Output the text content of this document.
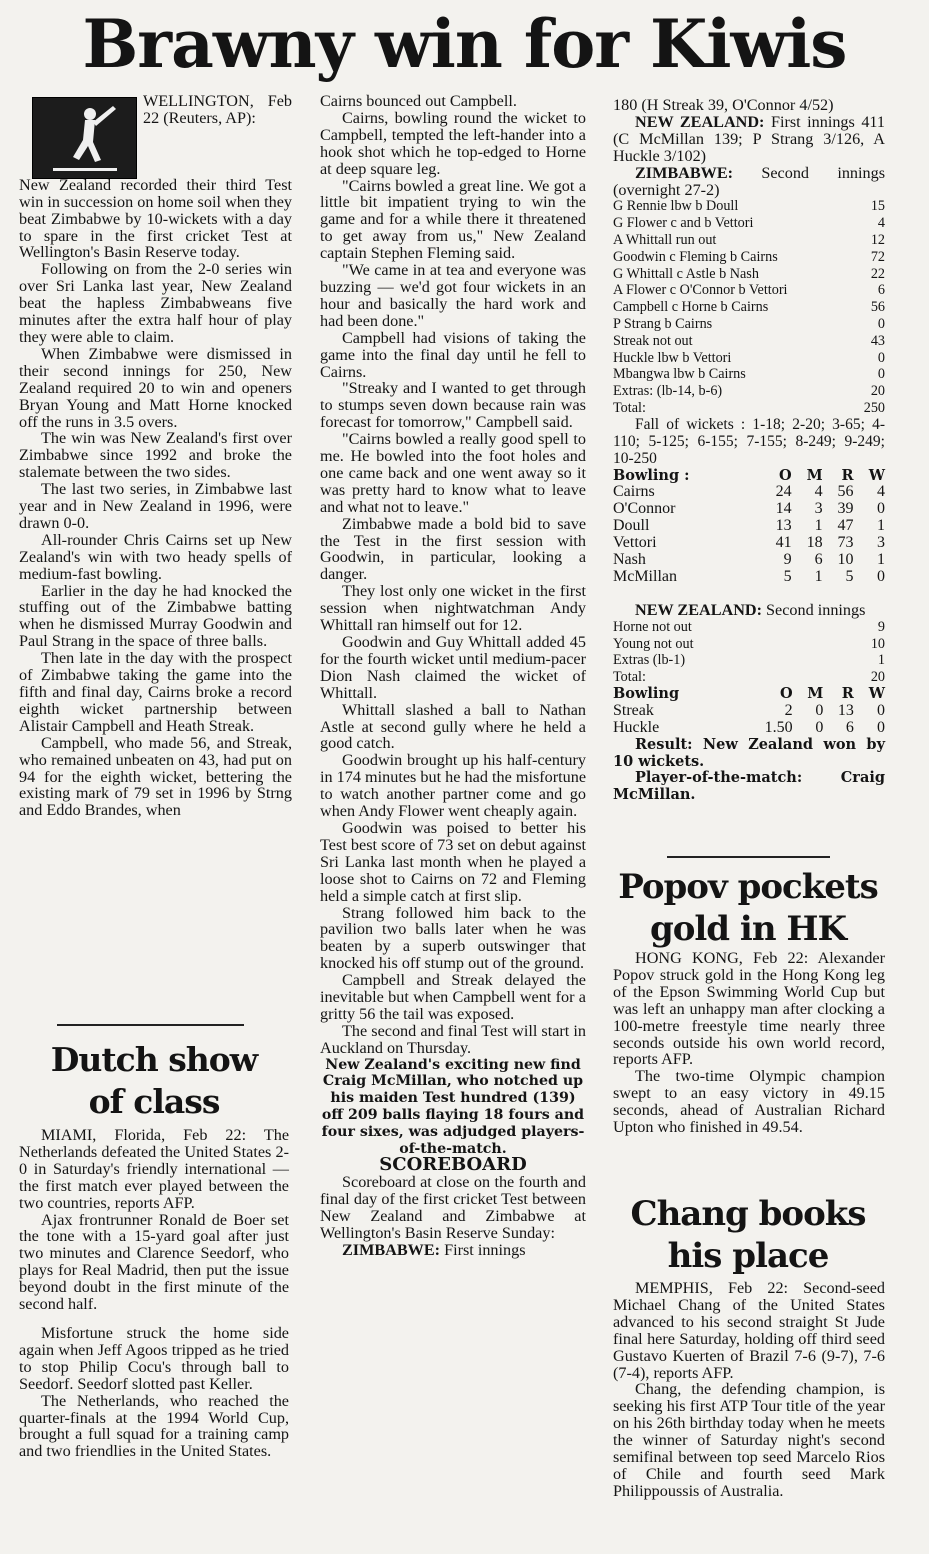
Brawny win for Kiwis

WELLINGTON, Feb 22 (Reuters, AP):

New Zealand recorded their third Test win in succession on home soil when they beat Zimbabwe by 10-wickets with a day to spare in the first cricket Test at Wellington's Basin Reserve today.

Following on from the 2-0 series win over Sri Lanka last year, New Zealand beat the hapless Zimbabweans five minutes after the extra half hour of play they were able to claim.

When Zimbabwe were dismissed in their second innings for 250, New Zealand required 20 to win and openers Bryan Young and Matt Horne knocked off the runs in 3.5 overs.

The win was New Zealand's first over Zimbabwe since 1992 and broke the stalemate between the two sides.

The last two series, in Zimbabwe last year and in New Zealand in 1996, were drawn 0-0.

All-rounder Chris Cairns set up New Zealand's win with two heady spells of medium-fast bowling.

Earlier in the day he had knocked the stuffing out of the Zimbabwe batting when he dismissed Murray Goodwin and Paul Strang in the space of three balls.

Then late in the day with the prospect of Zimbabwe taking the game into the fifth and final day, Cairns broke a record eighth wicket partnership between Alistair Campbell and Heath Streak.

Campbell, who made 56, and Streak, who remained unbeaten on 43, had put on 94 for the eighth wicket, bettering the existing mark of 79 set in 1996 by Strng and Eddo Brandes, when

Dutch show
of class

MIAMI, Florida, Feb 22: The Netherlands defeated the United States 2-0 in Saturday's friendly international — the first match ever played between the two countries, reports AFP.

Ajax frontrunner Ronald de Boer set the tone with a 15-yard goal after just two minutes and Clarence Seedorf, who plays for Real Madrid, then put the issue beyond doubt in the first minute of the second half.

Misfortune struck the home side again when Jeff Agoos tripped as he tried to stop Philip Cocu's through ball to Seedorf. Seedorf slotted past Keller.

The Netherlands, who reached the quarter-finals at the 1994 World Cup, brought a full squad for a training camp and two friendlies in the United States.

Cairns bounced out Campbell.

Cairns, bowling round the wicket to Campbell, tempted the left-hander into a hook shot which he top-edged to Horne at deep square leg.

"Cairns bowled a great line. We got a little bit impatient trying to win the game and for a while there it threatened to get away from us," New Zealand captain Stephen Fleming said.

"We came in at tea and everyone was buzzing — we'd got four wickets in an hour and basically the hard work and had been done."

Campbell had visions of taking the game into the final day until he fell to Cairns.

"Streaky and I wanted to get through to stumps seven down because rain was forecast for tomorrow," Campbell said.

"Cairns bowled a really good spell to me. He bowled into the foot holes and one came back and one went away so it was pretty hard to know what to leave and what not to leave."

Zimbabwe made a bold bid to save the Test in the first session with Goodwin, in particular, looking a danger.

They lost only one wicket in the first session when nightwatchman Andy Whittall ran himself out for 12.

Goodwin and Guy Whittall added 45 for the fourth wicket until medium-pacer Dion Nash claimed the wicket of Whittall.

Whittall slashed a ball to Nathan Astle at second gully where he held a good catch.

Goodwin brought up his half-century in 174 minutes but he had the misfortune to watch another partner come and go when Andy Flower went cheaply again.

Goodwin was poised to better his Test best score of 73 set on debut against Sri Lanka last month when he played a loose shot to Cairns on 72 and Fleming held a simple catch at first slip.

Strang followed him back to the pavilion two balls later when he was beaten by a superb outswinger that knocked his off stump out of the ground.

Campbell and Streak delayed the inevitable but when Campbell went for a gritty 56 the tail was exposed.

The second and final Test will start in Auckland on Thursday.

New Zealand's exciting new find Craig McMillan, who notched up his maiden Test hundred (139) off 209 balls flaying 18 fours and four sixes, was adjudged players-of-the-match.

SCOREBOARD

Scoreboard at close on the fourth and final day of the first cricket Test between New Zealand and Zimbabwe at Wellington's Basin Reserve Sunday:

ZIMBABWE: First innings

180 (H Streak 39, O'Connor 4/52)

NEW ZEALAND: First innings 411 (C McMillan 139; P Strang 3/126, A Huckle 3/102)

ZIMBABWE: Second innings (overnight 27-2)

G Rennie lbw b Doull	15
G Flower c and b Vettori	4
A Whittall run out	12
Goodwin c Fleming b Cairns	72
G Whittall c Astle b Nash	22
A Flower c O'Connor b Vettori	6
Campbell c Horne b Cairns	56
P Strang b Cairns	0
Streak not out	43
Huckle lbw b Vettori	0
Mbangwa lbw b Cairns	0
Extras: (lb-14, b-6)	20
Total:	250

Fall of wickets : 1-18; 2-20; 3-65; 4-110; 5-125; 6-155; 7-155; 8-249; 9-249; 10-250

Bowling :	O	M	R	W
Cairns	24	4	56	4
O'Connor	14	3	39	0
Doull	13	1	47	1
Vettori	41	18	73	3
Nash	9	6	10	1
McMillan	5	1	5	0

NEW ZEALAND: Second innings

Horne not out	9
Young not out	10
Extras (lb-1)	1
Total:	20
Bowling	O	M	R	W
Streak	2	0	13	0
Huckle	1.50	0	6	0

Result: New Zealand won by 10 wickets.

Player-of-the-match: Craig McMillan.

Popov pockets
gold in HK

HONG KONG, Feb 22: Alexander Popov struck gold in the Hong Kong leg of the Epson Swimming World Cup but was left an unhappy man after clocking a 100-metre freestyle time nearly three seconds outside his own world record, reports AFP.

The two-time Olympic champion swept to an easy victory in 49.15 seconds, ahead of Australian Richard Upton who finished in 49.54.

Chang books
his place

MEMPHIS, Feb 22: Second-seed Michael Chang of the United States advanced to his second straight St Jude final here Saturday, holding off third seed Gustavo Kuerten of Brazil 7-6 (9-7), 7-6 (7-4), reports AFP.

Chang, the defending champion, is seeking his first ATP Tour title of the year on his 26th birthday today when he meets the winner of Saturday night's second semifinal between top seed Marcelo Rios of Chile and fourth seed Mark Philippoussis of Australia.
